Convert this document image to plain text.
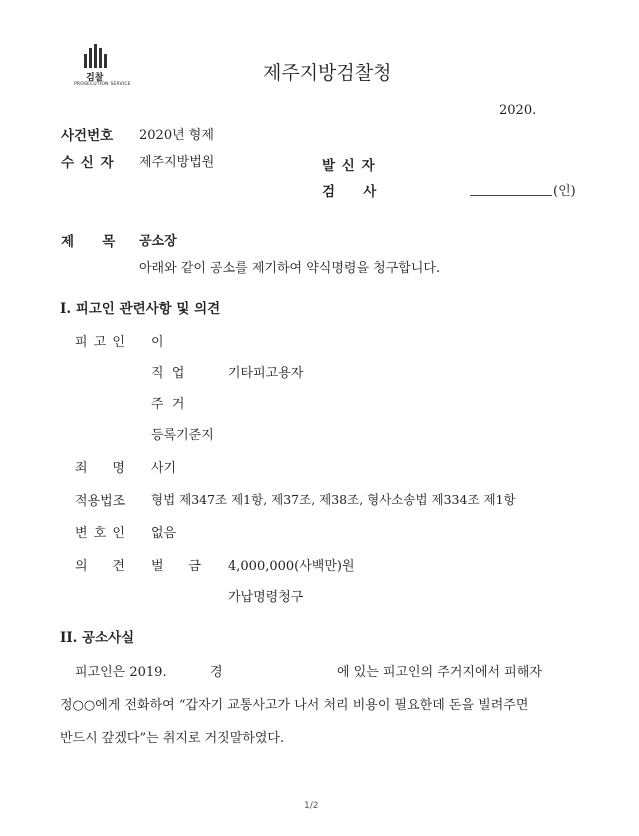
검찰
PROSECUTION SERVICE
제주지방검찰청
2020.
사건번호 2020년 형제
수 신 자 제주지방법원	발 신 자
검      사	(인)
제      목 공소장
아래와 같이 공소를 제기하여 약식명령을 청구합니다.
I. 피고인 관련사항 및 의견
피 고 인 이
직  업	기타피고용자
주  거
등록기준지
죄      명 사기
적용법조 형법 제347조 제1항, 제37조, 제38조, 형사소송법 제334조 제1항
변 호 인 없음
의      견 벌      금 4,000,000(사백만)원
가납명령청구
II. 공소사실
피고인은 2019.	경	에 있는 피고인의 주거지에서 피해자
정○○에게 전화하여 “갑자기 교통사고가 나서 처리 비용이 필요한데 돈을 빌려주면
반드시 갚겠다”는 취지로 거짓말하였다.
1/2
